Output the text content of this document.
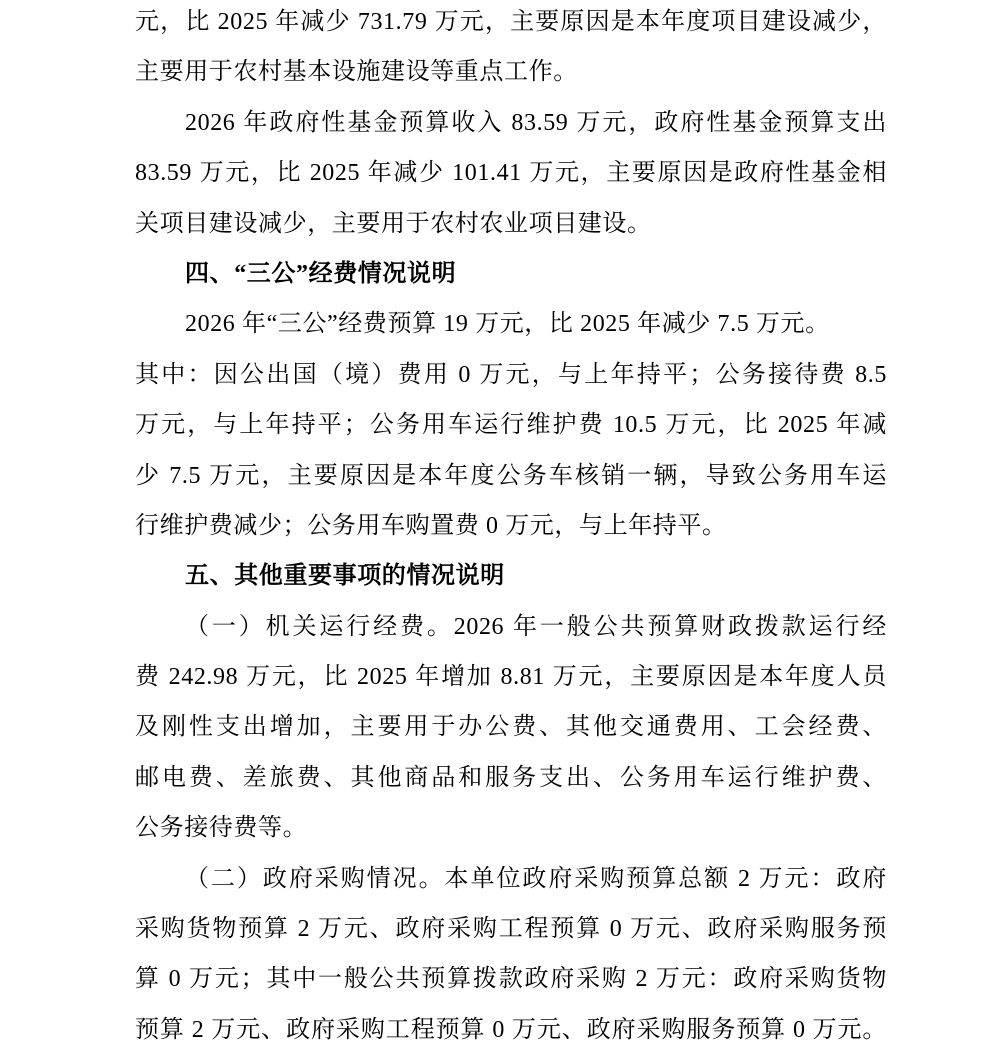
元，比 2025 年减少 731.79 万元，主要原因是本年度项目建设减少，
主要用于农村基本设施建设等重点工作。
2026 年政府性基金预算收入 83.59 万元，政府性基金预算支出
83.59 万元，比 2025 年减少 101.41 万元，主要原因是政府性基金相
关项目建设减少，主要用于农村农业项目建设。
四、“三公”经费情况说明
2026 年“三公”经费预算 19 万元，比 2025 年减少 7.5 万元。
其中：因公出国（境）费用 0 万元，与上年持平；公务接待费 8.5
万元，与上年持平；公务用车运行维护费 10.5 万元，比 2025 年减
少 7.5 万元，主要原因是本年度公务车核销一辆，导致公务用车运
行维护费减少；公务用车购置费 0 万元，与上年持平。
五、其他重要事项的情况说明
（一）机关运行经费。2026 年一般公共预算财政拨款运行经
费 242.98 万元，比 2025 年增加 8.81 万元，主要原因是本年度人员
及刚性支出增加，主要用于办公费、其他交通费用、工会经费、
邮电费、差旅费、其他商品和服务支出、公务用车运行维护费、
公务接待费等。
（二）政府采购情况。本单位政府采购预算总额 2 万元：政府
采购货物预算 2 万元、政府采购工程预算 0 万元、政府采购服务预
算 0 万元；其中一般公共预算拨款政府采购 2 万元：政府采购货物
预算 2 万元、政府采购工程预算 0 万元、政府采购服务预算 0 万元。
